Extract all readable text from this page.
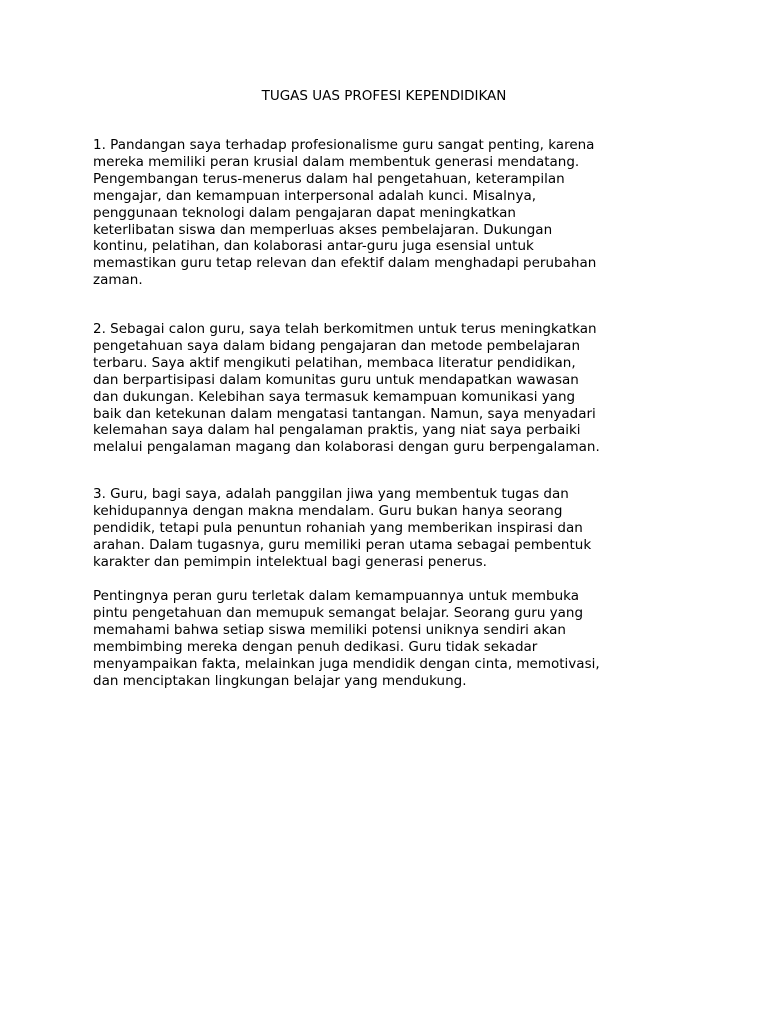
TUGAS UAS PROFESI KEPENDIDIKAN

1. Pandangan saya terhadap profesionalisme guru sangat penting, karena
mereka memiliki peran krusial dalam membentuk generasi mendatang.
Pengembangan terus-menerus dalam hal pengetahuan, keterampilan
mengajar, dan kemampuan interpersonal adalah kunci. Misalnya,
penggunaan teknologi dalam pengajaran dapat meningkatkan
keterlibatan siswa dan memperluas akses pembelajaran. Dukungan
kontinu, pelatihan, dan kolaborasi antar-guru juga esensial untuk
memastikan guru tetap relevan dan efektif dalam menghadapi perubahan
zaman.

2. Sebagai calon guru, saya telah berkomitmen untuk terus meningkatkan
pengetahuan saya dalam bidang pengajaran dan metode pembelajaran
terbaru. Saya aktif mengikuti pelatihan, membaca literatur pendidikan,
dan berpartisipasi dalam komunitas guru untuk mendapatkan wawasan
dan dukungan. Kelebihan saya termasuk kemampuan komunikasi yang
baik dan ketekunan dalam mengatasi tantangan. Namun, saya menyadari
kelemahan saya dalam hal pengalaman praktis, yang niat saya perbaiki
melalui pengalaman magang dan kolaborasi dengan guru berpengalaman.

3. Guru, bagi saya, adalah panggilan jiwa yang membentuk tugas dan
kehidupannya dengan makna mendalam. Guru bukan hanya seorang
pendidik, tetapi pula penuntun rohaniah yang memberikan inspirasi dan
arahan. Dalam tugasnya, guru memiliki peran utama sebagai pembentuk
karakter dan pemimpin intelektual bagi generasi penerus.

Pentingnya peran guru terletak dalam kemampuannya untuk membuka
pintu pengetahuan dan memupuk semangat belajar. Seorang guru yang
memahami bahwa setiap siswa memiliki potensi uniknya sendiri akan
membimbing mereka dengan penuh dedikasi. Guru tidak sekadar
menyampaikan fakta, melainkan juga mendidik dengan cinta, memotivasi,
dan menciptakan lingkungan belajar yang mendukung.
